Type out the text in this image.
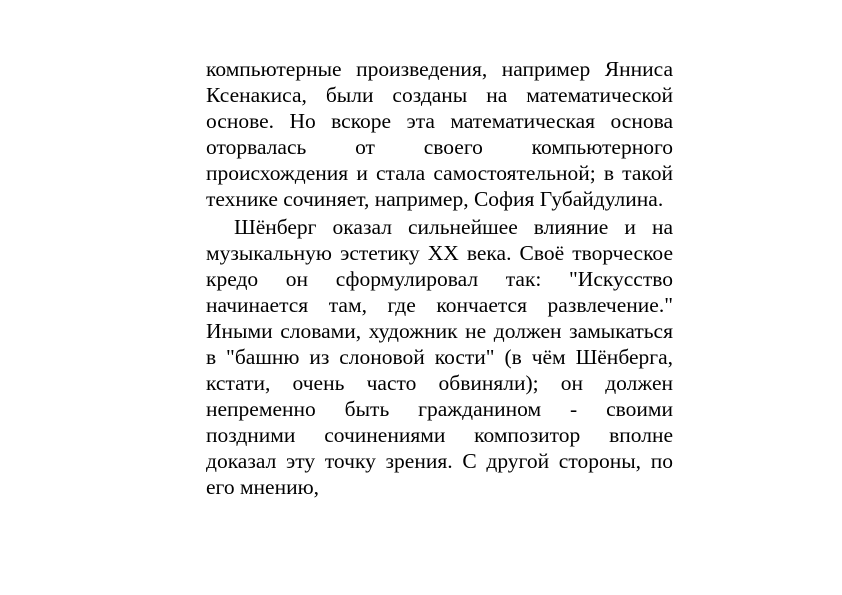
компьютерные произведения, например Янниса Ксенакиса, были созданы на математической основе. Но вскоре эта математическая основа оторвалась от своего компьютерного происхождения и стала самостоятельной; в такой технике сочиняет, например, София Губайдулина.

Шёнберг оказал сильнейшее влияние и на музыкальную эстетику XX века. Своё творческое кредо он сформулировал так: "Искусство начинается там, где кончается развлечение." Иными словами, художник не должен замыкаться в "башню из слоновой кости" (в чём Шёнберга, кстати, очень часто обвиняли); он должен непременно быть гражданином - своими поздними сочинениями композитор вполне доказал эту точку зрения. С другой стороны, по его мнению,
